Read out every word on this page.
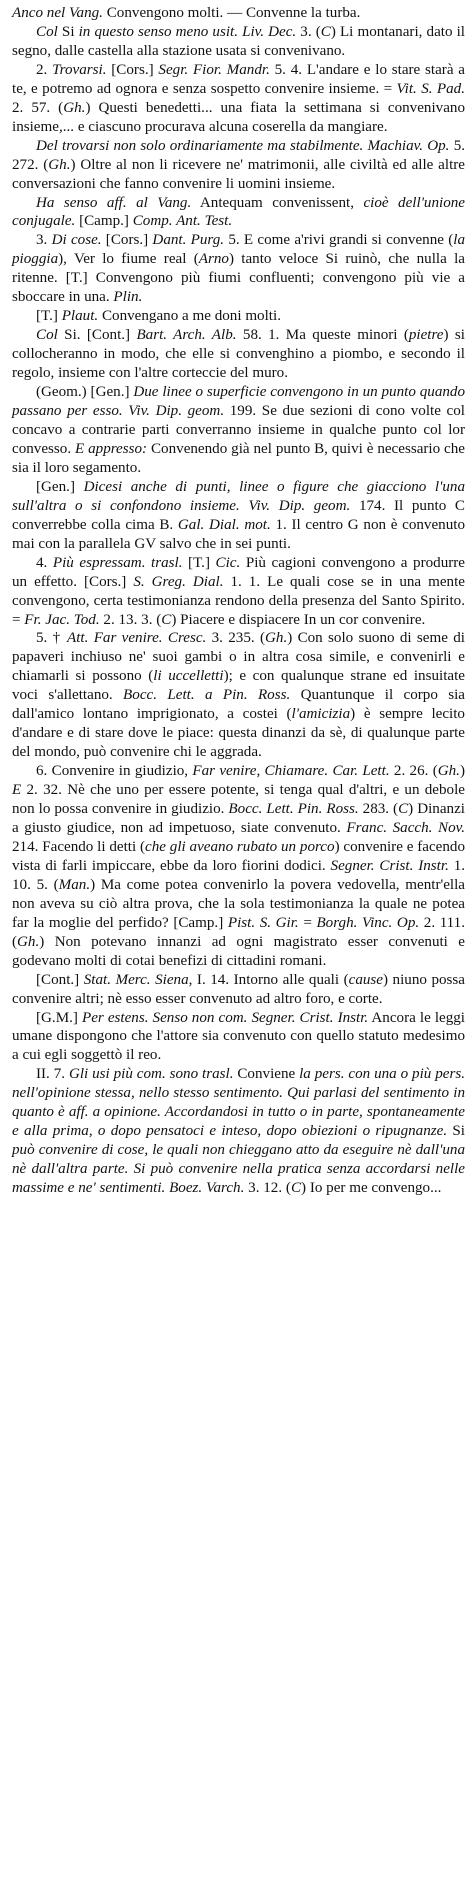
Anco nel Vang. Convengono molti. — Convenne la turba.

Col Si in questo senso meno usit. Liv. Dec. 3. (C) Li montanari, dato il segno, dalle castella alla stazione usata si convenivano.

2. Trovarsi. [Cors.] Segr. Fior. Mandr. 5. 4. L'andare e lo stare starà a te, e potremo ad ognora e senza sospetto convenire insieme. = Vit. S. Pad. 2. 57. (Gh.) Questi benedetti... una fiata la settimana si convenivano insieme,... e ciascuno procurava alcuna coserella da mangiare.

Del trovarsi non solo ordinariamente ma stabilmente. Machiav. Op. 5. 272. (Gh.) Oltre al non li ricevere ne' matrimonii, alle civiltà ed alle altre conversazioni che fanno convenire li uomini insieme.

Ha senso aff. al Vang. Antequam convenissent, cioè dell'unione conjugale. [Camp.] Comp. Ant. Test.

3. Di cose. [Cors.] Dant. Purg. 5. E come a'rivi grandi si convenne (la pioggia), Ver lo fiume real (Arno) tanto veloce Si ruinò, che nulla la ritenne. [T.] Convengono più fiumi confluenti; convengono più vie a sboccare in una. Plin.

[T.] Plaut. Convengano a me doni molti.

Col Si. [Cont.] Bart. Arch. Alb. 58. 1. Ma queste minori (pietre) si collocheranno in modo, che elle si convenghino a piombo, e secondo il regolo, insieme con l'altre corteccie del muro.

(Geom.) [Gen.] Due linee o superficie convengono in un punto quando passano per esso. Viv. Dip. geom. 199. Se due sezioni di cono volte col concavo a contrarie parti converranno insieme in qualche punto col lor convesso. E appresso: Convenendo già nel punto B, quivi è necessario che sia il loro segamento.

[Gen.] Dicesi anche di punti, linee o figure che giacciono l'una sull'altra o si confondono insieme. Viv. Dip. geom. 174. Il punto C converrebbe colla cima B. Gal. Dial. mot. 1. Il centro G non è convenuto mai con la parallela GV salvo che in sei punti.

4. Più espressam. trasl. [T.] Cic. Più cagioni convengono a produrre un effetto. [Cors.] S. Greg. Dial. 1. 1. Le quali cose se in una mente convengono, certa testimonianza rendono della presenza del Santo Spirito. = Fr. Jac. Tod. 2. 13. 3. (C) Piacere e dispiacere In un cor convenire.

5. † Att. Far venire. Cresc. 3. 235. (Gh.) Con solo suono di seme di papaveri inchiuso ne' suoi gambi o in altra cosa simile, e convenirli e chiamarli si possono (li uccelletti); e con qualunque strane ed insuitate voci s'allettano. Bocc. Lett. a Pin. Ross. Quantunque il corpo sia dall'amico lontano imprigionato, a costei (l'amicizia) è sempre lecito d'andare e di stare dove le piace: questa dinanzi da sè, di qualunque parte del mondo, può convenire chi le aggrada.

6. Convenire in giudizio, Far venire, Chiamare. Car. Lett. 2. 26. (Gh.) E 2. 32. Nè che uno per essere potente, si tenga qual d'altri, e un debole non lo possa convenire in giudizio. Bocc. Lett. Pin. Ross. 283. (C) Dinanzi a giusto giudice, non ad impetuoso, siate convenuto. Franc. Sacch. Nov. 214. Facendo li detti (che gli aveano rubato un porco) convenire e facendo vista di farli impiccare, ebbe da loro fiorini dodici. Segner. Crist. Instr. 1. 10. 5. (Man.) Ma come potea convenirlo la povera vedovella, mentr'ella non aveva su ciò altra prova, che la sola testimonianza la quale ne potea far la moglie del perfido? [Camp.] Pist. S. Gir. = Borgh. Vinc. Op. 2. 111. (Gh.) Non potevano innanzi ad ogni magistrato esser convenuti e godevano molti di cotai benefizi di cittadini romani.

[Cont.] Stat. Merc. Siena, I. 14. Intorno alle quali (cause) niuno possa convenire altri; nè esso esser convenuto ad altro foro, e corte.

[G.M.] Per estens. Senso non com. Segner. Crist. Instr. Ancora le leggi umane dispongono che l'attore sia convenuto con quello statuto medesimo a cui egli soggettò il reo.

II. 7. Gli usi più com. sono trasl. Conviene la pers. con una o più pers. nell'opinione stessa, nello stesso sentimento. Qui parlasi del sentimento in quanto è aff. a opinione. Accordandosi in tutto o in parte, spontaneamente e alla prima, o dopo pensatoci e inteso, dopo obiezioni o ripugnanze. Si può convenire di cose, le quali non chieggano atto da eseguire nè dall'una nè dall'altra parte. Si può convenire nella pratica senza accordarsi nelle massime e ne' sentimenti. Boez. Varch. 3. 12. (C) Io per me convengo...
